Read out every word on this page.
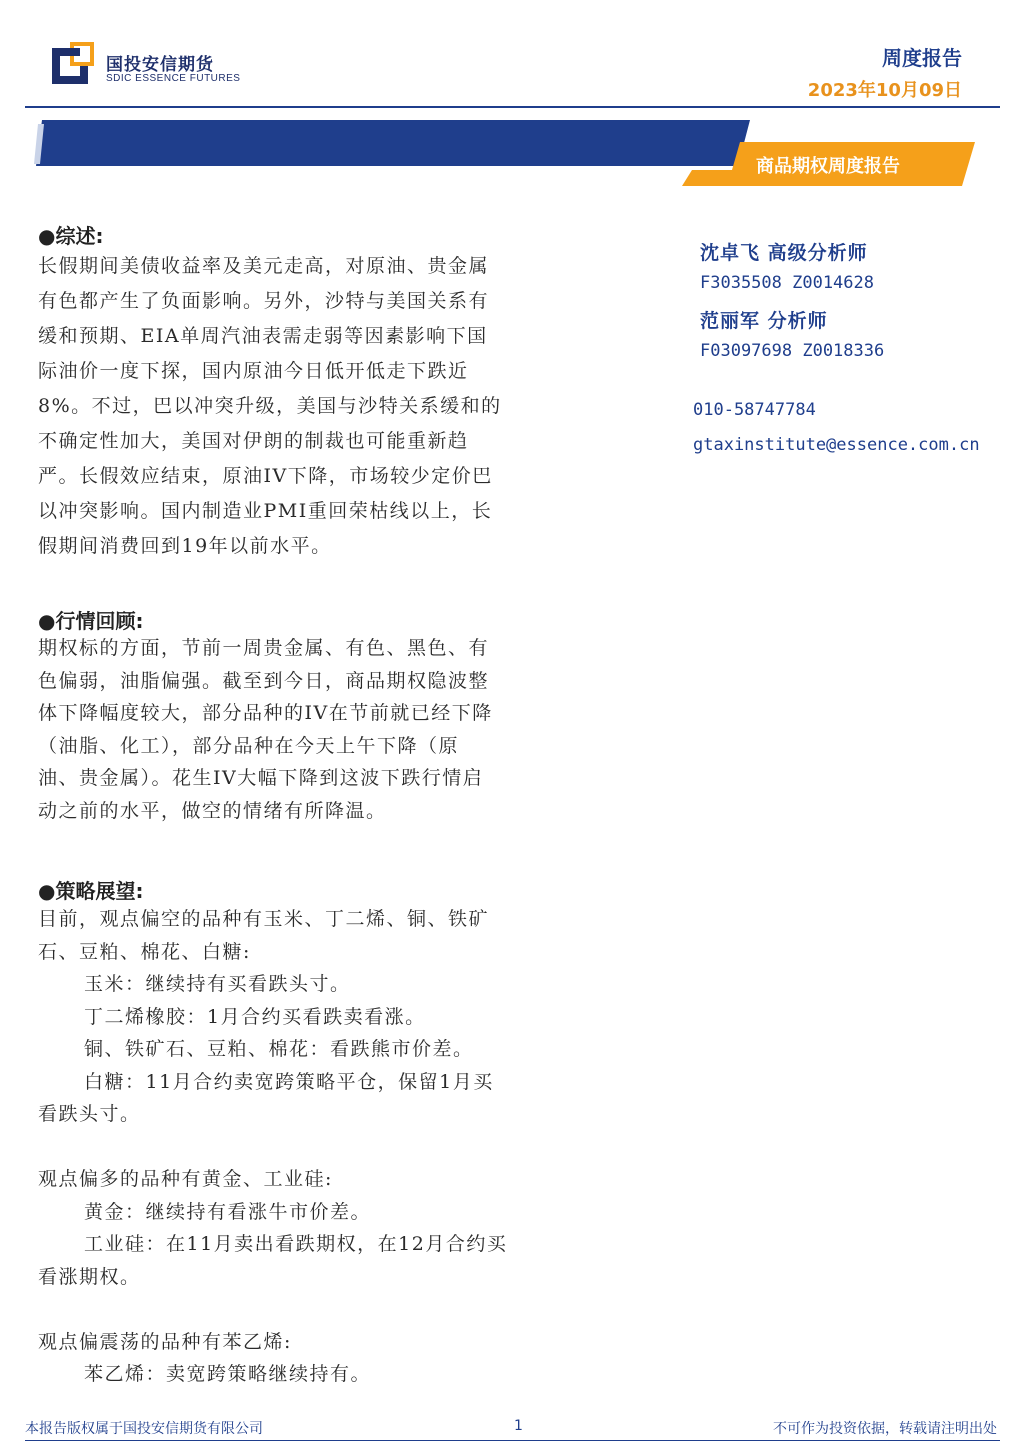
国投安信期货
SDIC ESSENCE FUTURES
周度报告
2023年10月09日
商品期权周度报告
●综述:
长假期间美债收益率及美元走高，对原油、贵金属
有色都产生了负面影响。另外，沙特与美国关系有
缓和预期、EIA单周汽油表需走弱等因素影响下国
际油价一度下探，国内原油今日低开低走下跌近
8%。不过，巴以冲突升级，美国与沙特关系缓和的
不确定性加大，美国对伊朗的制裁也可能重新趋
严。长假效应结束，原油IV下降，市场较少定价巴
以冲突影响。国内制造业PMI重回荣枯线以上，长
假期间消费回到19年以前水平。
●行情回顾:
期权标的方面，节前一周贵金属、有色、黑色、有
色偏弱，油脂偏强。截至到今日，商品期权隐波整
体下降幅度较大，部分品种的IV在节前就已经下降
（油脂、化工），部分品种在今天上午下降（原
油、贵金属）。花生IV大幅下降到这波下跌行情启
动之前的水平，做空的情绪有所降温。
●策略展望:
目前，观点偏空的品种有玉米、丁二烯、铜、铁矿
石、豆粕、棉花、白糖:
玉米：继续持有买看跌头寸。
丁二烯橡胶：1月合约买看跌卖看涨。
铜、铁矿石、豆粕、棉花：看跌熊市价差。
白糖：11月合约卖宽跨策略平仓，保留1月买
看跌头寸。
观点偏多的品种有黄金、工业硅:
黄金：继续持有看涨牛市价差。
工业硅：在11月卖出看跌期权，在12月合约买
看涨期权。
观点偏震荡的品种有苯乙烯:
苯乙烯：卖宽跨策略继续持有。
沈卓飞 高级分析师
F3035508 Z0014628
范丽军 分析师
F03097698 Z0018336
010-58747784
gtaxinstitute@essence.com.cn
本报告版权属于国投安信期货有限公司	1	不可作为投资依据，转载请注明出处
